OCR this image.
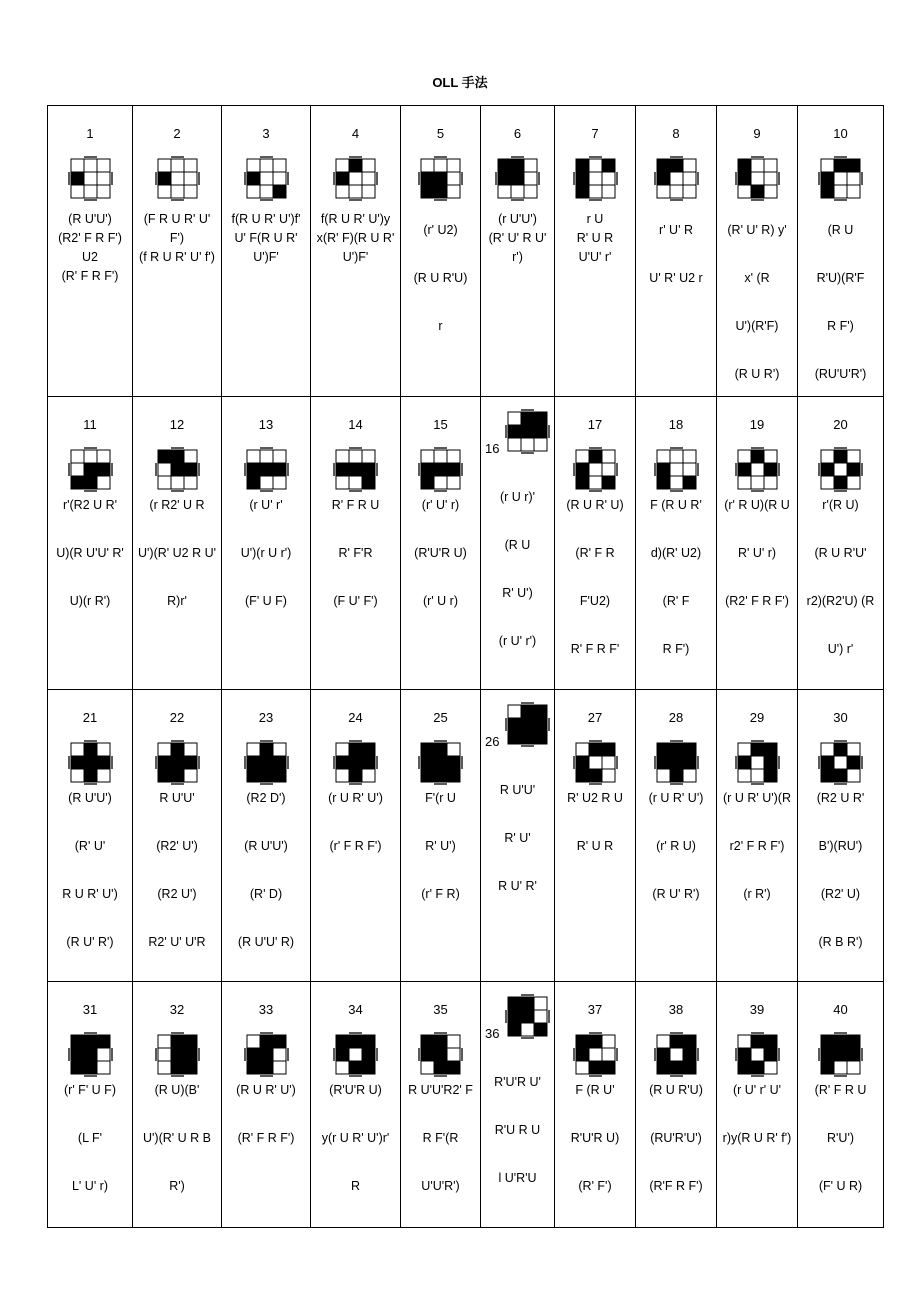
OLL 手法
1
(R U'U')
(R2' F R F')
U2
(R' F R F')
2
(F R U R' U'
F')
(f R U R' U' f')
3
f(R U R' U')f'
U' F(R U R'
U')F'
4
f(R U R' U')y
x(R' F)(R U R'
U')F'
5
(r' U2)
(R U R'U)
r
6
(r U'U')
(R' U' R U'
r')
7
r U
R' U R
U'U' r'
8
r' U' R
U' R' U2 r
9
(R' U' R) y'
x' (R
U')(R'F)
(R U R')
10
(R U
R'U)(R'F
R F')
(RU'U'R')
11
r'(R2 U R'
U)(R U'U' R'
U)(r R')
12
(r R2' U R
U')(R' U2 R U'
R)r'
13
(r U' r'
U')(r U r')
(F' U F)
14
R' F R U
R' F'R
(F U' F')
15
(r' U' r)
(R'U'R U)
(r' U r)
16
(r U r)'
(R U
R' U')
(r U' r')
17
(R U R' U)
(R' F R
F'U2)
R' F R F'
18
F (R U R'
d)(R' U2)
(R' F
R F')
19
(r' R U)(R U
R' U' r)
(R2' F R F')
20
r'(R U)
(R U R'U'
r2)(R2'U) (R
U') r'
21
(R U'U')
(R' U'
R U R' U')
(R U' R')
22
R U'U'
(R2' U')
(R2 U')
R2' U' U'R
23
(R2 D')
(R U'U')
(R' D)
(R U'U' R)
24
(r U R' U')
(r' F R F')
25
F'(r U
R' U')
(r' F R)
26
R U'U'
R' U'
R U' R'
27
R' U2 R U
R' U R
28
(r U R' U')
(r' R U)
(R U' R')
29
(r U R' U')(R
r2' F R F')
(r R')
30
(R2 U R'
B')(RU')
(R2' U)
(R B R')
31
(r' F' U F)
(L F'
L' U' r)
32
(R U)(B'
U')(R' U R B
R')
33
(R U R' U')
(R' F R F')
34
(R'U'R U)
y(r U R' U')r'
R
35
R U'U'R2' F
R F'(R
U'U'R')
36
R'U'R U'
R'U R U
l U'R'U
37
F (R U'
R'U'R U)
(R' F')
38
(R U R'U)
(RU'R'U')
(R'F R F')
39
(r U' r' U'
r)y(R U R' f')
40
(R' F R U
R'U')
(F' U R)
